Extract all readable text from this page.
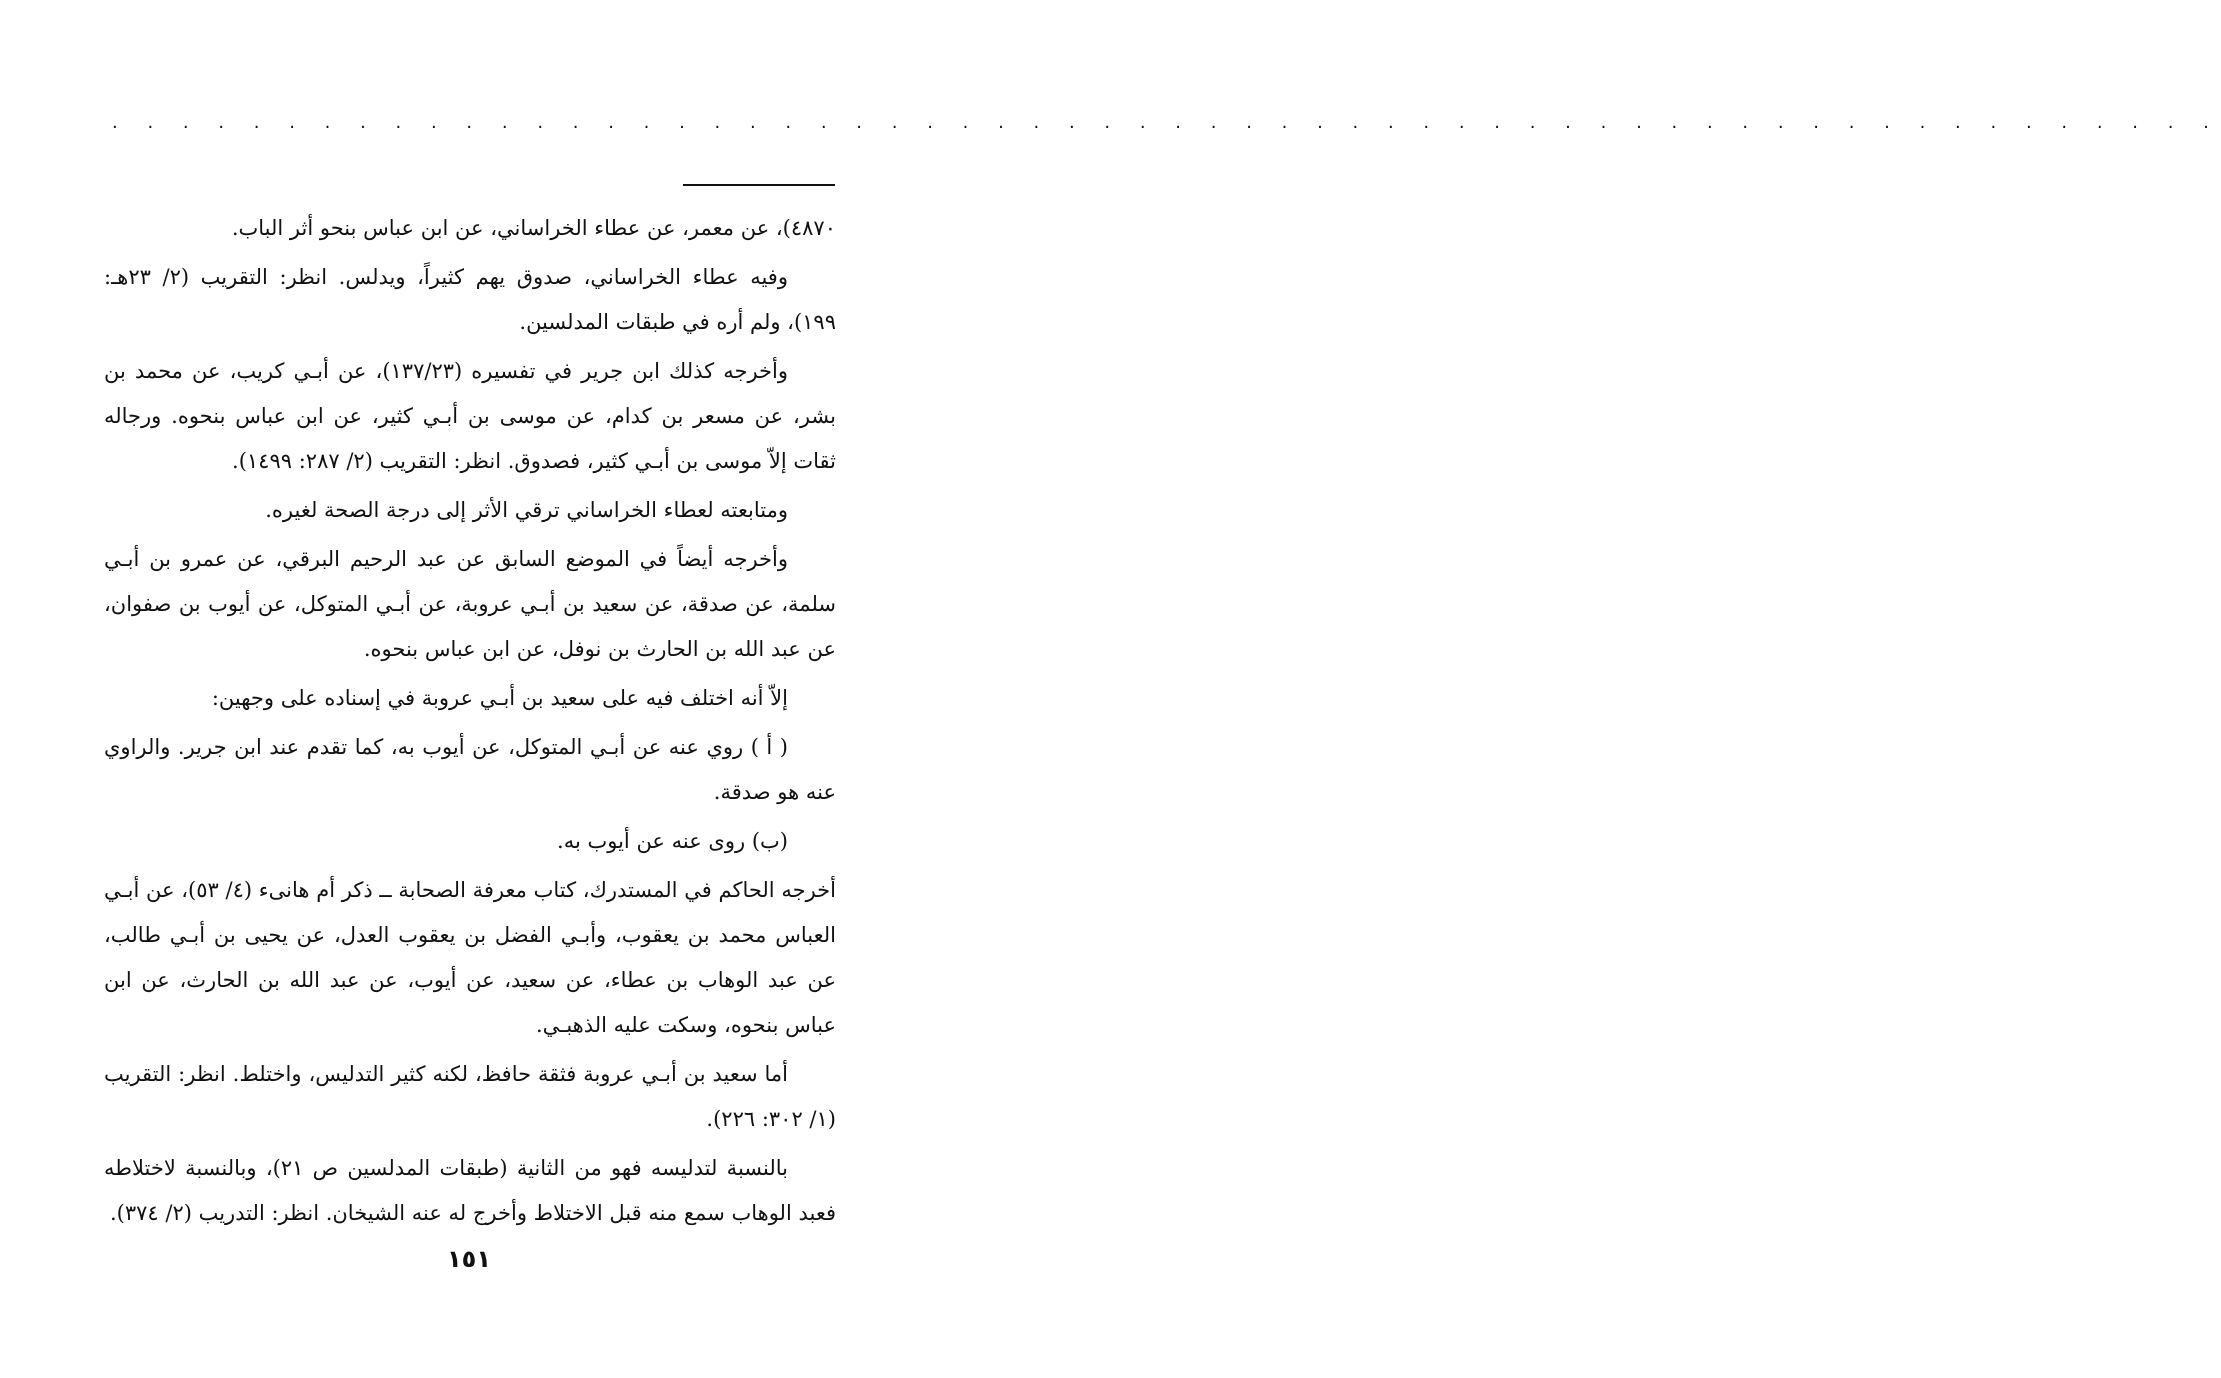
· · · · · · · · · · · · · · · · · · · · · · · · · · · · · · · · · · · · · · · · · · · · · · · · · · · · · · · · · · · ·

٤٨٧٠)، عن معمر، عن عطاء الخراساني، عن ابن عباس بنحو أثر الباب.

وفيه عطاء الخراساني، صدوق يهم كثيراً، ويدلس. انظر: التقريب (٢/ ٢٣هـ: ١٩٩)، ولم أره في طبقات المدلسين.

وأخرجه كذلك ابن جرير في تفسيره (١٣٧/٢٣)، عن أبـي كريب، عن محمد بن بشر، عن مسعر بن كدام، عن موسى بن أبـي كثير، عن ابن عباس بنحوه. ورجاله ثقات إلاّ موسى بن أبـي كثير، فصدوق. انظر: التقريب (٢/ ٢٨٧: ١٤٩٩).

ومتابعته لعطاء الخراساني ترقي الأثر إلى درجة الصحة لغيره.

وأخرجه أيضاً في الموضع السابق عن عبد الرحيم البرقي، عن عمرو بن أبـي سلمة، عن صدقة، عن سعيد بن أبـي عروبة، عن أبـي المتوكل، عن أيوب بن صفوان، عن عبد الله بن الحارث بن نوفل، عن ابن عباس بنحوه.

إلاّ أنه اختلف فيه على سعيد بن أبـي عروبة في إسناده على وجهين:

( أ ) روي عنه عن أبـي المتوكل، عن أيوب به، كما تقدم عند ابن جرير. والراوي عنه هو صدقة.

(ب) روى عنه عن أيوب به.

أخرجه الحاكم في المستدرك، كتاب معرفة الصحابة ــ ذكر أم هانىء (٤/ ٥٣)، عن أبـي العباس محمد بن يعقوب، وأبـي الفضل بن يعقوب العدل، عن يحيى بن أبـي طالب، عن عبد الوهاب بن عطاء، عن سعيد، عن أيوب، عن عبد الله بن الحارث، عن ابن عباس بنحوه، وسكت عليه الذهبـي.

أما سعيد بن أبـي عروبة فثقة حافظ، لكنه كثير التدليس، واختلط. انظر: التقريب (١/ ٣٠٢: ٢٢٦).

بالنسبة لتدليسه فهو من الثانية (طبقات المدلسين ص ٢١)، وبالنسبة لاختلاطه فعبد الوهاب سمع منه قبل الاختلاط وأخرج له عنه الشيخان. انظر: التدريب (٢/ ٣٧٤).

١٥١
